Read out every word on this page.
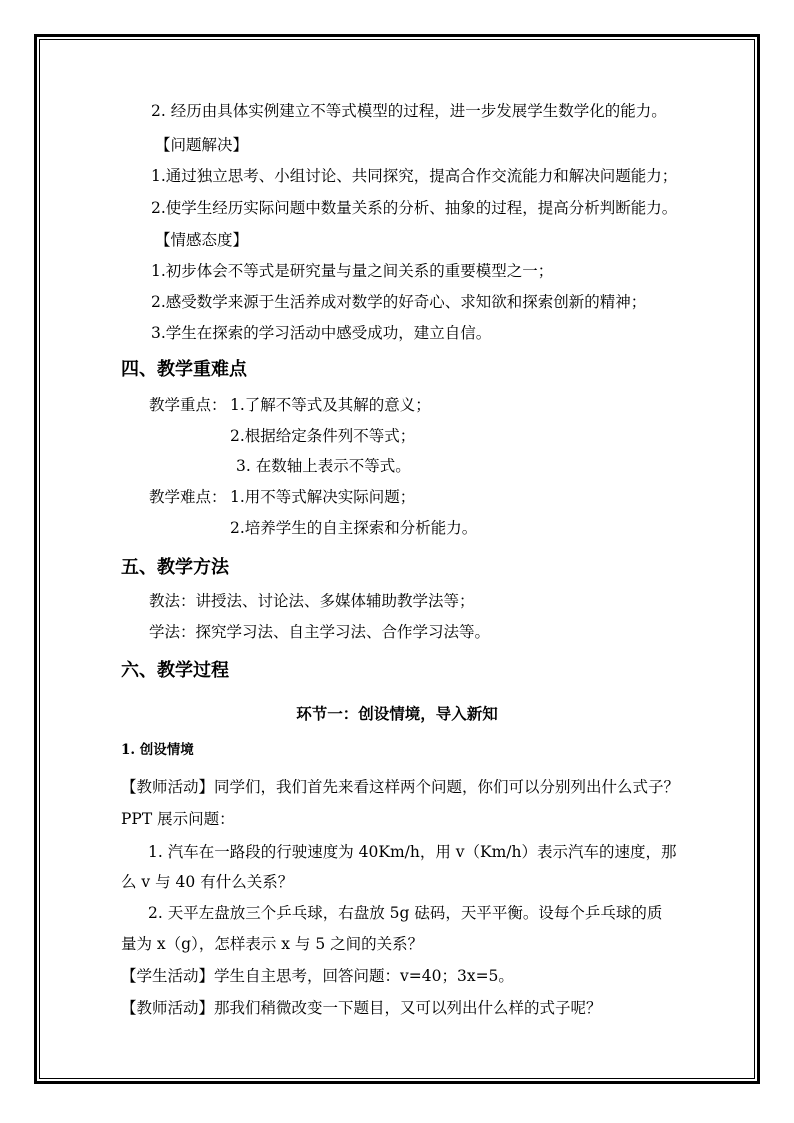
2. 经历由具体实例建立不等式模型的过程，进一步发展学生数学化的能力。
【问题解决】
1.通过独立思考、小组讨论、共同探究，提高合作交流能力和解决问题能力；
2.使学生经历实际问题中数量关系的分析、抽象的过程，提高分析判断能力。
【情感态度】
1.初步体会不等式是研究量与量之间关系的重要模型之一；
2.感受数学来源于生活养成对数学的好奇心、求知欲和探索创新的精神；
3.学生在探索的学习活动中感受成功，建立自信。
四、教学重难点
教学重点： 1.了解不等式及其解的意义；
2.根据给定条件列不等式；
3. 在数轴上表示不等式。
教学难点： 1.用不等式解决实际问题；
2.培养学生的自主探索和分析能力。
五、教学方法
教法：讲授法、讨论法、多媒体辅助教学法等；
学法：探究学习法、自主学习法、合作学习法等。
六、教学过程
环节一：创设情境，导入新知
1. 创设情境
【教师活动】同学们，我们首先来看这样两个问题，你们可以分别列出什么式子？
PPT 展示问题：
1. 汽车在一路段的行驶速度为 40Km/h，用 v（Km/h）表示汽车的速度，那
么 v 与 40 有什么关系？
2. 天平左盘放三个乒乓球，右盘放 5g 砝码，天平平衡。设每个乒乓球的质
量为 x（g），怎样表示 x 与 5 之间的关系？
【学生活动】学生自主思考，回答问题：v=40；3x=5。
【教师活动】那我们稍微改变一下题目，又可以列出什么样的式子呢？
